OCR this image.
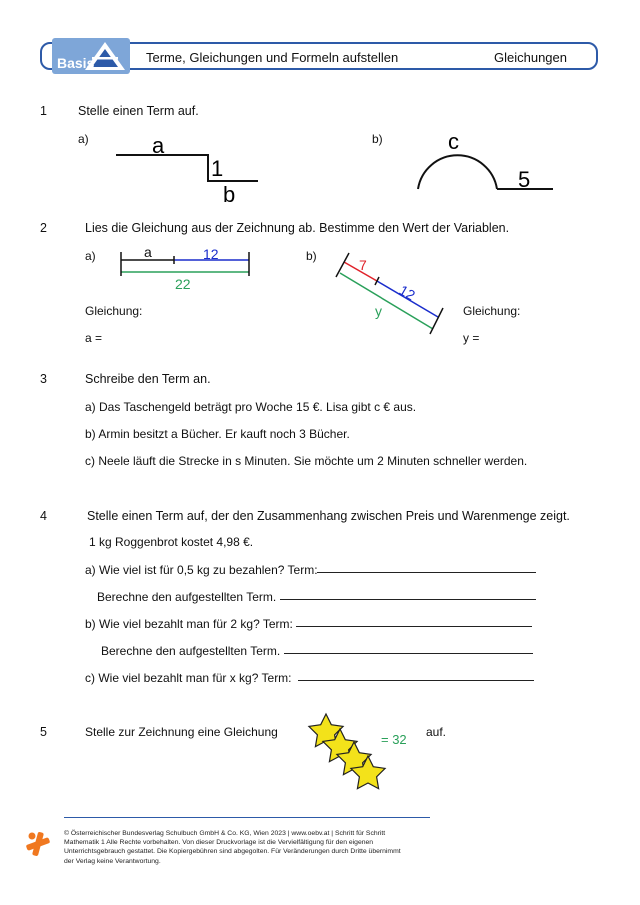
Basis	Terme, Gleichungen und Formeln aufstellen	Gleichungen
1 Stelle einen Term auf.
a)	b)
a
1
b
c
5
2	Lies die Gleichung aus der Zeichnung ab. Bestimme den Wert der Variablen.
a)	b)
a	12
22
7
12
y
Gleichung:	Gleichung:
a =	y =
3	Schreibe den Term an.
a) Das Taschengeld beträgt pro Woche 15 €. Lisa gibt c € aus.
b) Armin besitzt a Bücher. Er kauft noch 3 Bücher.
c) Neele läuft die Strecke in s Minuten. Sie möchte um 2 Minuten schneller werden.
4	Stelle einen Term auf, der den Zusammenhang zwischen Preis und Warenmenge zeigt.
1 kg Roggenbrot kostet 4,98 €.
a) Wie viel ist für 0,5 kg zu bezahlen? Term:
Berechne den aufgestellten Term.
b) Wie viel bezahlt man für 2 kg? Term:
Berechne den aufgestellten Term.
c) Wie viel bezahlt man für x kg? Term:
5	Stelle zur Zeichnung eine Gleichung	auf.
= 32
© Österreichischer Bundesverlag Schulbuch GmbH & Co. KG, Wien 2023 | www.oebv.at | Schritt für Schritt
Mathematik 1 Alle Rechte vorbehalten. Von dieser Druckvorlage ist die Vervielfältigung für den eigenen
Unterrichtsgebrauch gestattet. Die Kopiergebühren sind abgegolten. Für Veränderungen durch Dritte übernimmt
der Verlag keine Verantwortung.
